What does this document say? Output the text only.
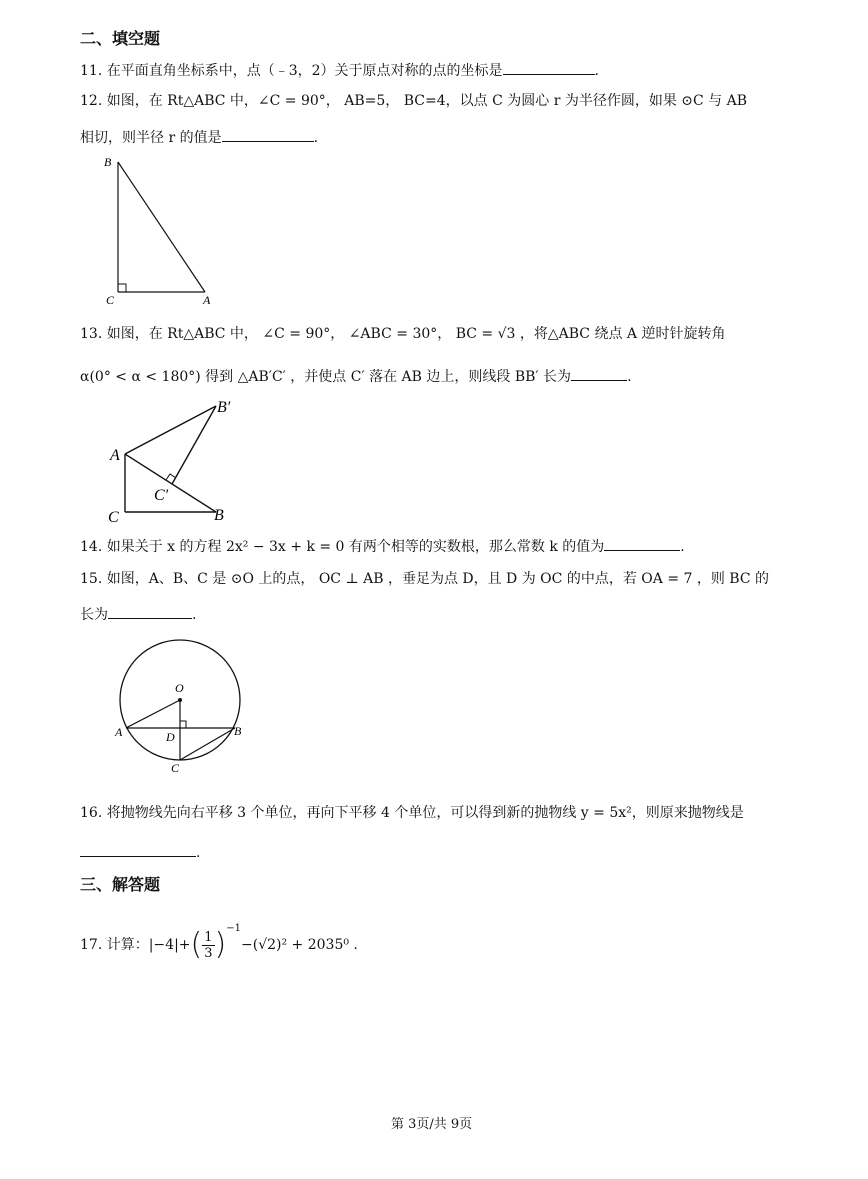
二、填空题
11. 在平面直角坐标系中，点（﹣3，2）关于原点对称的点的坐标是	.
12. 如图，在 Rt△ABC 中，∠C = 90°， AB=5， BC=4，以点 C 为圆心 r 为半径作圆，如果 ⊙C 与 AB
相切，则半径 r 的值是	.
B
C	A
13. 如图，在 Rt△ABC 中， ∠C = 90°， ∠ABC = 30°， BC = √3 ，将△ABC 绕点 A 逆时针旋转角
α(0° < α < 180°) 得到 △AB′C′ ，并使点 C′ 落在 AB 边上，则线段 BB′ 长为	.
A
C	B
B′
C′
14. 如果关于 x 的方程 2x² − 3x + k = 0 有两个相等的实数根，那么常数 k 的值为	.
15. 如图，A、B、C 是 ⊙O 上的点， OC ⊥ AB ，垂足为点 D，且 D 为 OC 的中点，若 OA = 7 ，则 BC 的
长为	.
O
A	B
D
C
16. 将抛物线先向右平移 3 个单位，再向下平移 4 个单位，可以得到新的抛物线 y = 5x²，则原来抛物线是
.
三、解答题
17. 计算：$|-4|+( \frac{1}{3} )^{-1}-(√2)^2 + 2035^0$ .
第 3页/共 9页
